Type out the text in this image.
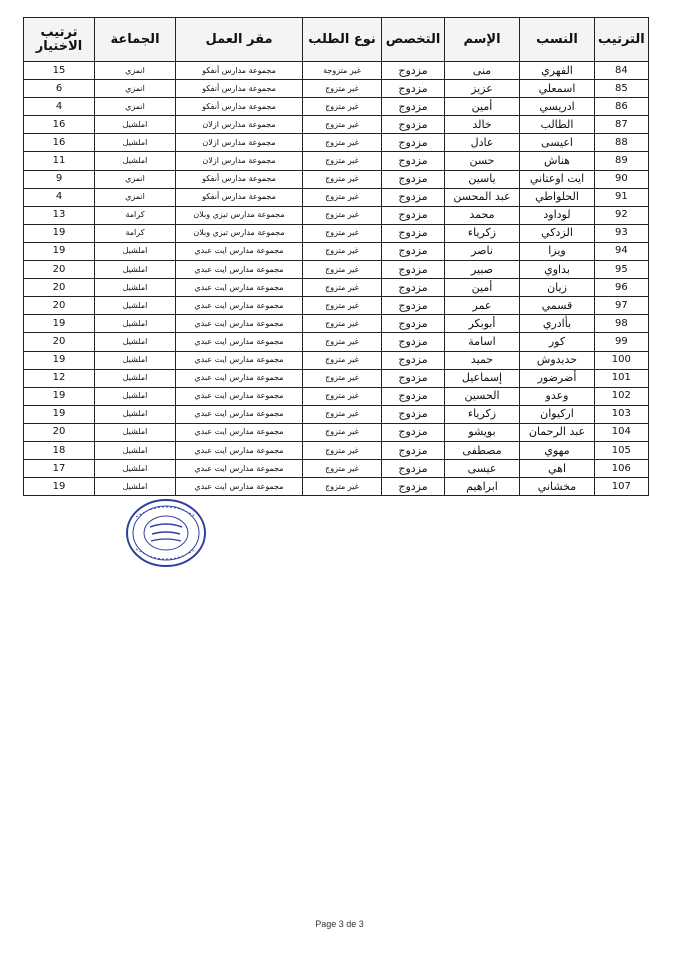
الترتيب	النسب	الإسم	التخصص	نوع الطلب	مقر العمل	الجماعة	ترتيب الاختيار
84	الفهري	منى	مزدوج	غير متزوجة	مجموعة مدارس أنفكو	انمزي	15
85	اسمعلي	عزيز	مزدوج	غير متزوج	مجموعة مدارس أنفكو	انمزي	6
86	ادريسي	أمين	مزدوج	غير متزوج	مجموعة مدارس أنفكو	انمزي	4
87	الطالب	خالد	مزدوج	غير متزوج	مجموعة مدارس ازلان	املشيل	16
88	اعيسى	عادل	مزدوج	غير متزوج	مجموعة مدارس ازلان	املشيل	16
89	هناش	حسن	مزدوج	غير متزوج	مجموعة مدارس ازلان	املشيل	11
90	ايت اوعتاني	ياسين	مزدوج	غير متزوج	مجموعة مدارس أنفكو	انمزي	9
91	الحلواطي	عبد المحسن	مزدوج	غير متزوج	مجموعة مدارس أنفكو	انمزي	4
92	لوداود	محمد	مزدوج	غير متزوج	مجموعة مدارس تيزي وبلان	كرامة	13
93	الزدكي	زكرياء	مزدوج	غير متزوج	مجموعة مدارس تيزي وبلان	كرامة	19
94	ويزا	ناصر	مزدوج	غير متزوج	مجموعة مدارس ايت عبدي	املشيل	19
95	بداوي	صبير	مزدوج	غير متزوج	مجموعة مدارس ايت عبدي	املشيل	20
96	زيان	أمين	مزدوج	غير متزوج	مجموعة مدارس ايت عبدي	املشيل	20
97	قسمي	عمر	مزدوج	غير متزوج	مجموعة مدارس ايت عبدي	املشيل	20
98	بأادري	أبوبكر	مزدوج	غير متزوج	مجموعة مدارس ايت عبدي	املشيل	19
99	كور	اسامة	مزدوج	غير متزوج	مجموعة مدارس ايت عبدي	املشيل	20
100	حديدوش	حميد	مزدوج	غير متزوج	مجموعة مدارس ايت عبدي	املشيل	19
101	أضرضور	إسماعيل	مزدوج	غير متزوج	مجموعة مدارس ايت عبدي	املشيل	12
102	وعدو	الحسين	مزدوج	غير متزوج	مجموعة مدارس ايت عبدي	املشيل	19
103	اركيوان	زكرياء	مزدوج	غير متزوج	مجموعة مدارس ايت عبدي	املشيل	19
104	عبد الرحمان	بويشو	مزدوج	غير متزوج	مجموعة مدارس ايت عبدي	املشيل	20
105	مهوي	مصطفى	مزدوج	غير متزوج	مجموعة مدارس ايت عبدي	املشيل	18
106	اهي	عيسى	مزدوج	غير متزوج	مجموعة مدارس ايت عبدي	املشيل	17
107	مخشاني	ابراهيم	مزدوج	غير متزوج	مجموعة مدارس ايت عبدي	املشيل	19
Page 3 de 3
